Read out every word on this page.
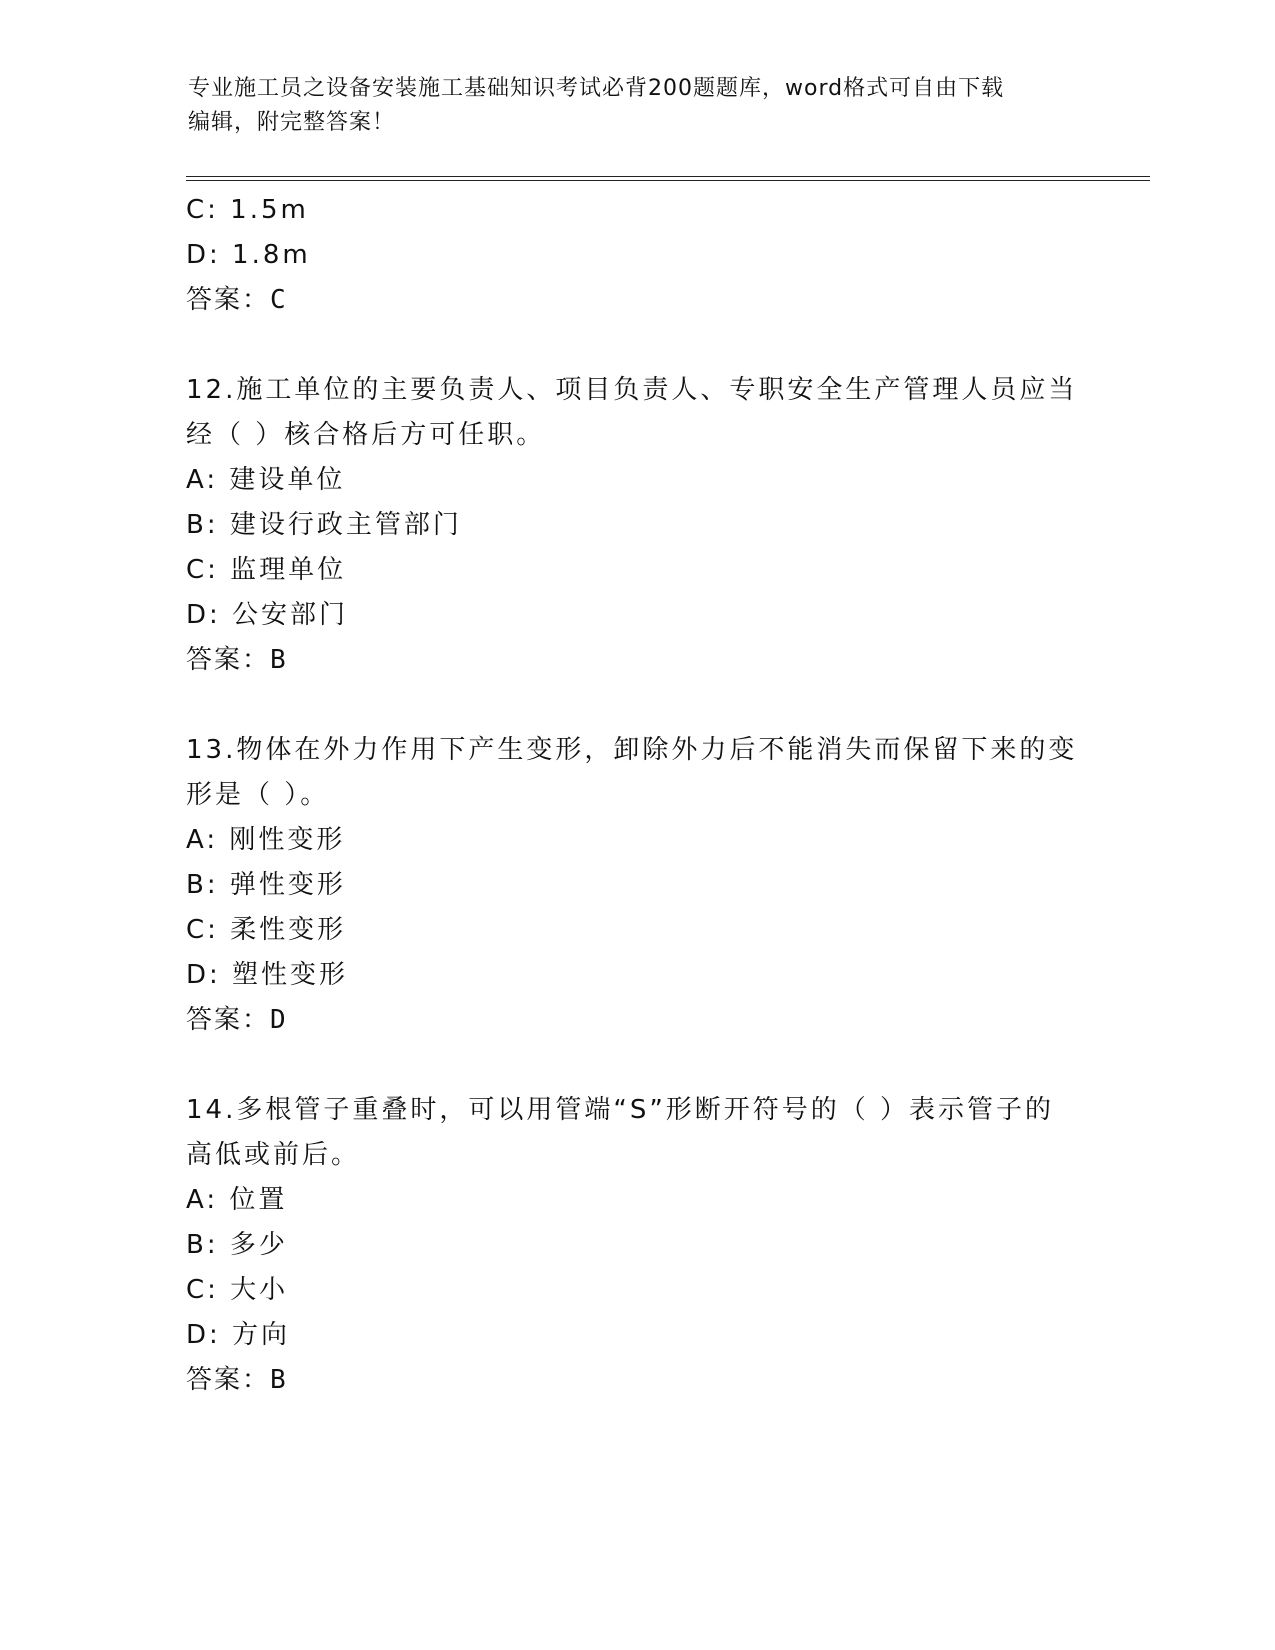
专业施工员之设备安装施工基础知识考试必背200题题库，word格式可自由下载
编辑，附完整答案！
C: 1.5m
D: 1.8m
答案：C
12.施工单位的主要负责人、项目负责人、专职安全生产管理人员应当
经（ ）核合格后方可任职。
A: 建设单位
B: 建设行政主管部门
C: 监理单位
D: 公安部门
答案：B
13.物体在外力作用下产生变形，卸除外力后不能消失而保留下来的变
形是（ ）。
A: 刚性变形
B: 弹性变形
C: 柔性变形
D: 塑性变形
答案：D
14.多根管子重叠时，可以用管端“S”形断开符号的（ ）表示管子的
高低或前后。
A: 位置
B: 多少
C: 大小
D: 方向
答案：B
